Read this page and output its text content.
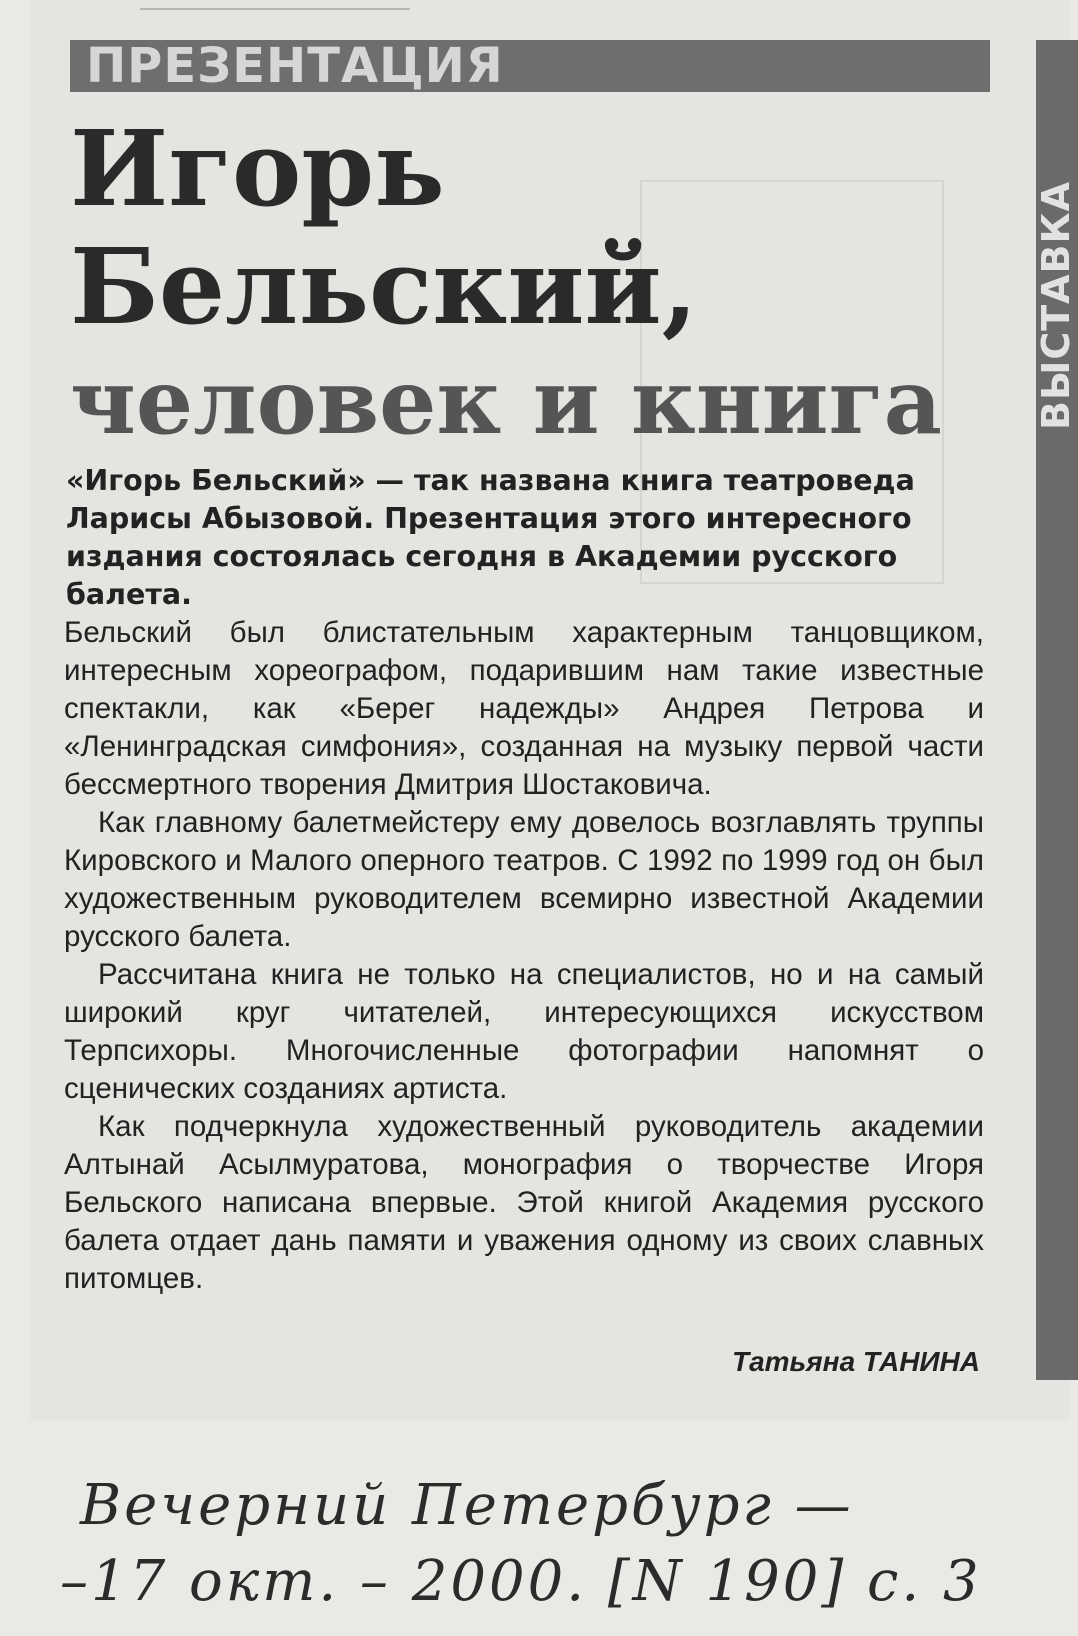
ПРЕЗЕНТАЦИЯ
ВЫСТАВКА
Игорь
Бельский,
человек и книга
«Игорь Бельский» — так названа книга театроведа Ларисы Абызовой. Презентация этого интересного издания состоялась сегодня в Академии русского балета.

Бельский был блистательным характерным танцовщиком, интересным хореографом, подарившим нам такие известные спектакли, как «Берег надежды» Андрея Петрова и «Ленинградская симфония», созданная на музыку первой части бессмертного творения Дмитрия Шостаковича.

Как главному балетмейстеру ему довелось возглавлять труппы Кировского и Малого оперного театров. С 1992 по 1999 год он был художественным руководителем всемирно известной Академии русского балета.

Рассчитана книга не только на специалистов, но и на самый широкий круг читателей, интересующихся искусством Терпсихоры. Многочисленные фотографии напомнят о сценических созданиях артиста.

Как подчеркнула художественный руководитель академии Алтынай Асылмуратова, монография о творчестве Игоря Бельского написана впервые. Этой книгой Академия русского балета отдает дань памяти и уважения одному из своих славных питомцев.

Татьяна ТАНИНА
Вечерний Петербург —
–17 окт. – 2000. [N 190] с. 3
